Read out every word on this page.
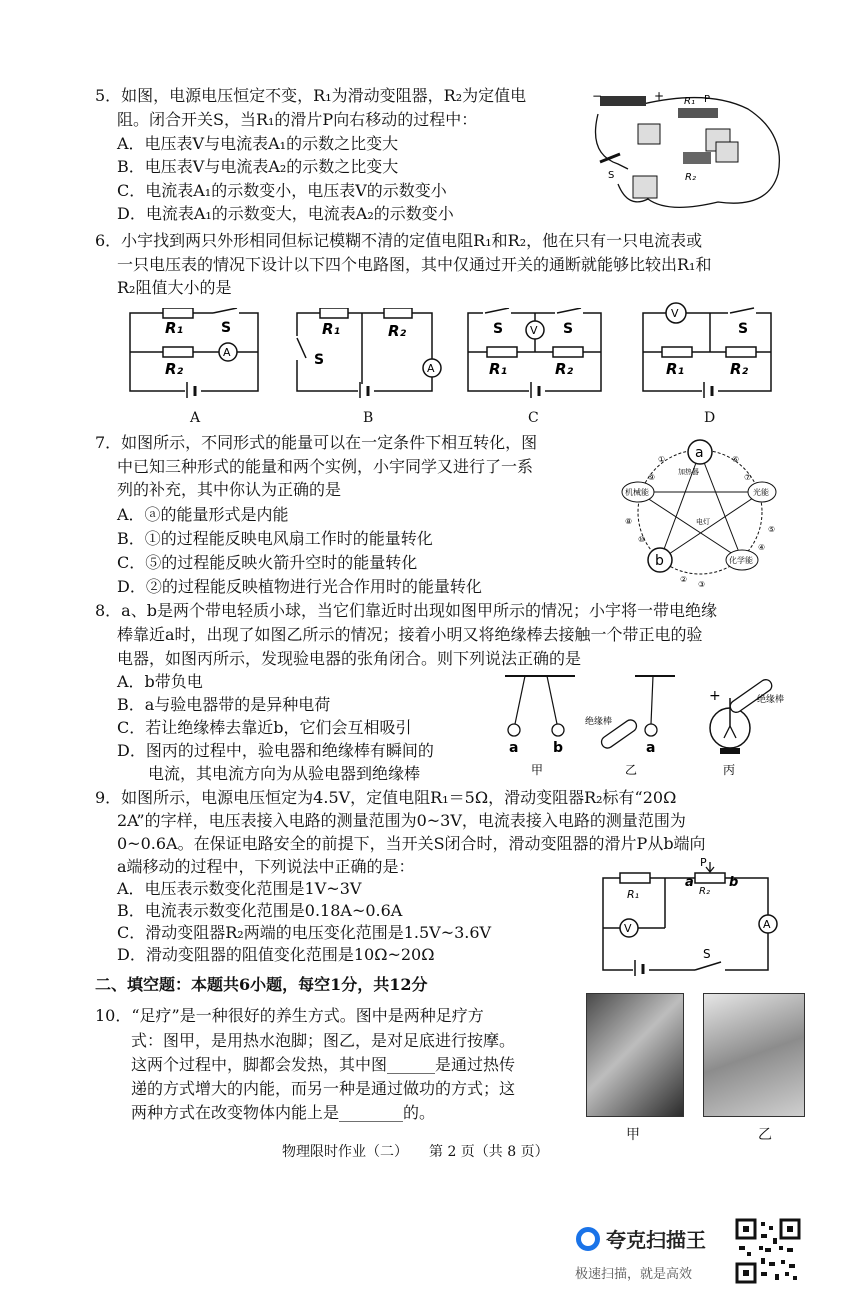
5．如图，电源电压恒定不变，R₁为滑动变阻器，R₂为定值电
阻。闭合开关S，当R₁的滑片P向右移动的过程中：
A．电压表V与电流表A₁的示数之比变大
B．电压表V与电流表A₂的示数之比变大
C．电流表A₁的示数变小，电压表V的示数变小
D．电流表A₁的示数变大，电流表A₂的示数变小
−	+ R₁ P
R₂
S
6．小宇找到两只外形相同但标记模糊不清的定值电阻R₁和R₂，他在只有一只电流表或
一只电压表的情况下设计以下四个电路图，其中仅通过开关的通断就能够比较出R₁和
R₂阻值大小的是
A
R₁	S
R₂
A
A
R₁	R₂
S
B
V
S	S
R₁	R₂
C
V
S
R₁	R₂
D
7．如图所示，不同形式的能量可以在一定条件下相互转化，图
中已知三种形式的能量和两个实例，小宇同学又进行了一系
列的补充，其中你认为正确的是
A．ⓐ的能量形式是内能
B．①的过程能反映电风扇工作时的能量转化
C．⑤的过程能反映火箭升空时的能量转化
D．②的过程能反映植物进行光合作用时的能量转化
a
b
机械能	光能
化学能
加热器
电灯
①	⑥
⑧
⑤
③
⑨	⑦
⑩
④
②
8．a、b是两个带电轻质小球，当它们靠近时出现如图甲所示的情况；小宇将一带电绝缘
棒靠近a时，出现了如图乙所示的情况；接着小明又将绝缘棒去接触一个带正电的验
电器，如图丙所示，发现验电器的张角闭合。则下列说法正确的是
A．b带负电
B．a与验电器带的是异种电荷
C．若让绝缘棒去靠近b，它们会互相吸引
D．图丙的过程中，验电器和绝缘棒有瞬间的
电流，其电流方向为从验电器到绝缘棒
a b
甲
a
绝缘棒
乙
+	绝缘棒
丙
9．如图所示，电源电压恒定为4.5V，定值电阻R₁＝5Ω，滑动变阻器R₂标有“20Ω
2A”的字样，电压表接入电路的测量范围为0~3V，电流表接入电路的测量范围为
0~0.6A。在保证电路安全的前提下，当开关S闭合时，滑动变阻器的滑片P从b端向
a端移动的过程中，下列说法中正确的是：
A．电压表示数变化范围是1V~3V
B．电流表示数变化范围是0.18A~0.6A
C．滑动变阻器R₂两端的电压变化范围是1.5V~3.6V
D．滑动变阻器的阻值变化范围是10Ω~20Ω
P
R₁	R₂
a	b
V	A
S
二、填空题：本题共6小题，每空1分，共12分
10．“足疗”是一种很好的养生方式。图中是两种足疗方
式：图甲，是用热水泡脚；图乙，是对足底进行按摩。
这两个过程中，脚都会发热，其中图______是通过热传
递的方式增大的内能，而另一种是通过做功的方式；这
两种方式在改变物体内能上是________的。
甲	乙
物理限时作业（二）　　第 2 页（共 8 页）
夸克扫描王
极速扫描，就是高效
